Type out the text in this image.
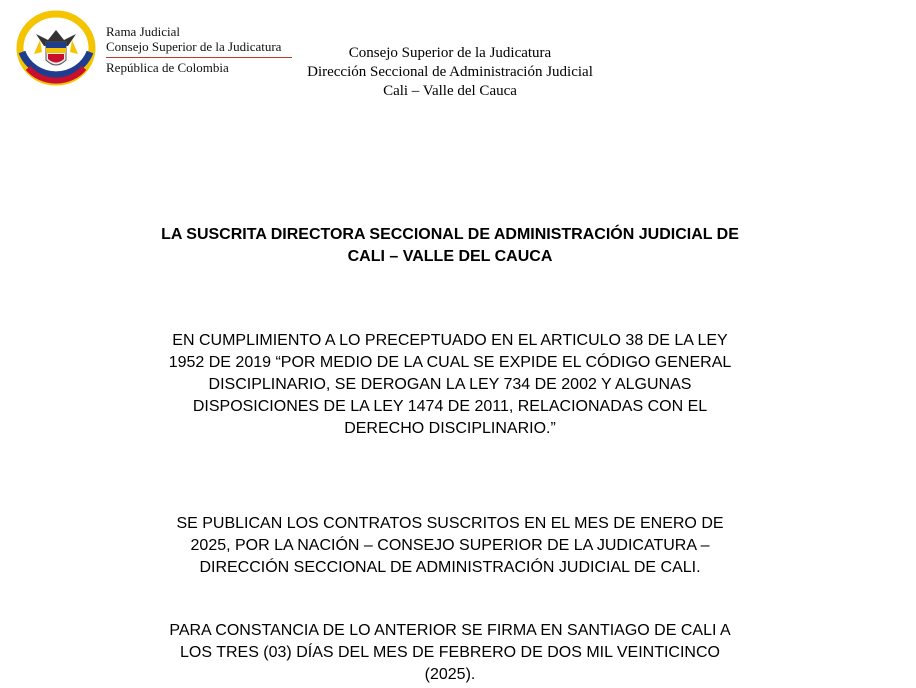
Rama Judicial
Consejo Superior de la Judicatura
República de Colombia
Consejo Superior de la Judicatura
Dirección Seccional de Administración Judicial
Cali – Valle del Cauca
LA SUSCRITA DIRECTORA SECCIONAL DE ADMINISTRACIÓN JUDICIAL DE
CALI – VALLE DEL CAUCA
EN CUMPLIMIENTO A LO PRECEPTUADO EN EL ARTICULO 38 DE LA LEY
1952 DE 2019 “POR MEDIO DE LA CUAL SE EXPIDE EL CÓDIGO GENERAL
DISCIPLINARIO, SE DEROGAN LA LEY 734 DE 2002 Y ALGUNAS
DISPOSICIONES DE LA LEY 1474 DE 2011, RELACIONADAS CON EL
DERECHO DISCIPLINARIO.”
SE PUBLICAN LOS CONTRATOS SUSCRITOS EN EL MES DE ENERO DE
2025, POR LA NACIÓN – CONSEJO SUPERIOR DE LA JUDICATURA –
DIRECCIÓN SECCIONAL DE ADMINISTRACIÓN JUDICIAL DE CALI.
PARA CONSTANCIA DE LO ANTERIOR SE FIRMA EN SANTIAGO DE CALI A
LOS TRES (03) DÍAS DEL MES DE FEBRERO DE DOS MIL VEINTICINCO
(2025).
